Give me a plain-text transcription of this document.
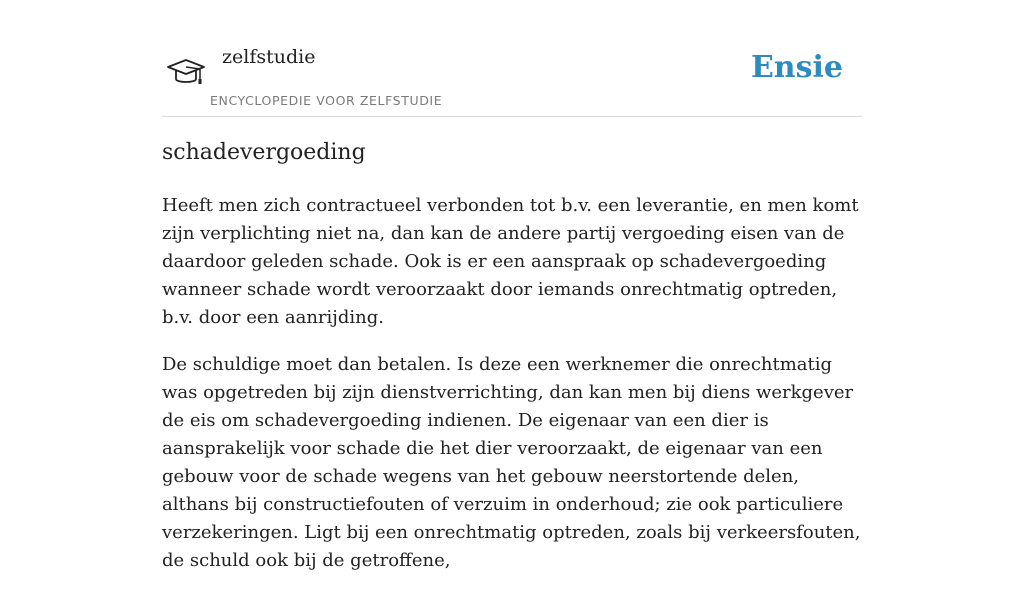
zelfstudie
ENCYCLOPEDIE VOOR ZELFSTUDIE
Ensie
schadevergoeding

Heeft men zich contractueel verbonden tot b.v. een leverantie, en men komt zijn verplichting niet na, dan kan de andere partij vergoeding eisen van de daardoor geleden schade. Ook is er een aanspraak op schadevergoeding wanneer schade wordt veroorzaakt door iemands onrechtmatig optreden, b.v. door een aanrijding.

De schuldige moet dan betalen. Is deze een werknemer die onrechtmatig was opgetreden bij zijn dienstverrichting, dan kan men bij diens werkgever de eis om schadevergoeding indienen. De eigenaar van een dier is aansprakelijk voor schade die het dier veroorzaakt, de eigenaar van een gebouw voor de schade wegens van het gebouw neerstortende delen, althans bij constructiefouten of verzuim in onderhoud; zie ook particuliere verzekeringen. Ligt bij een onrechtmatig optreden, zoals bij verkeersfouten, de schuld ook bij de getroffene,
